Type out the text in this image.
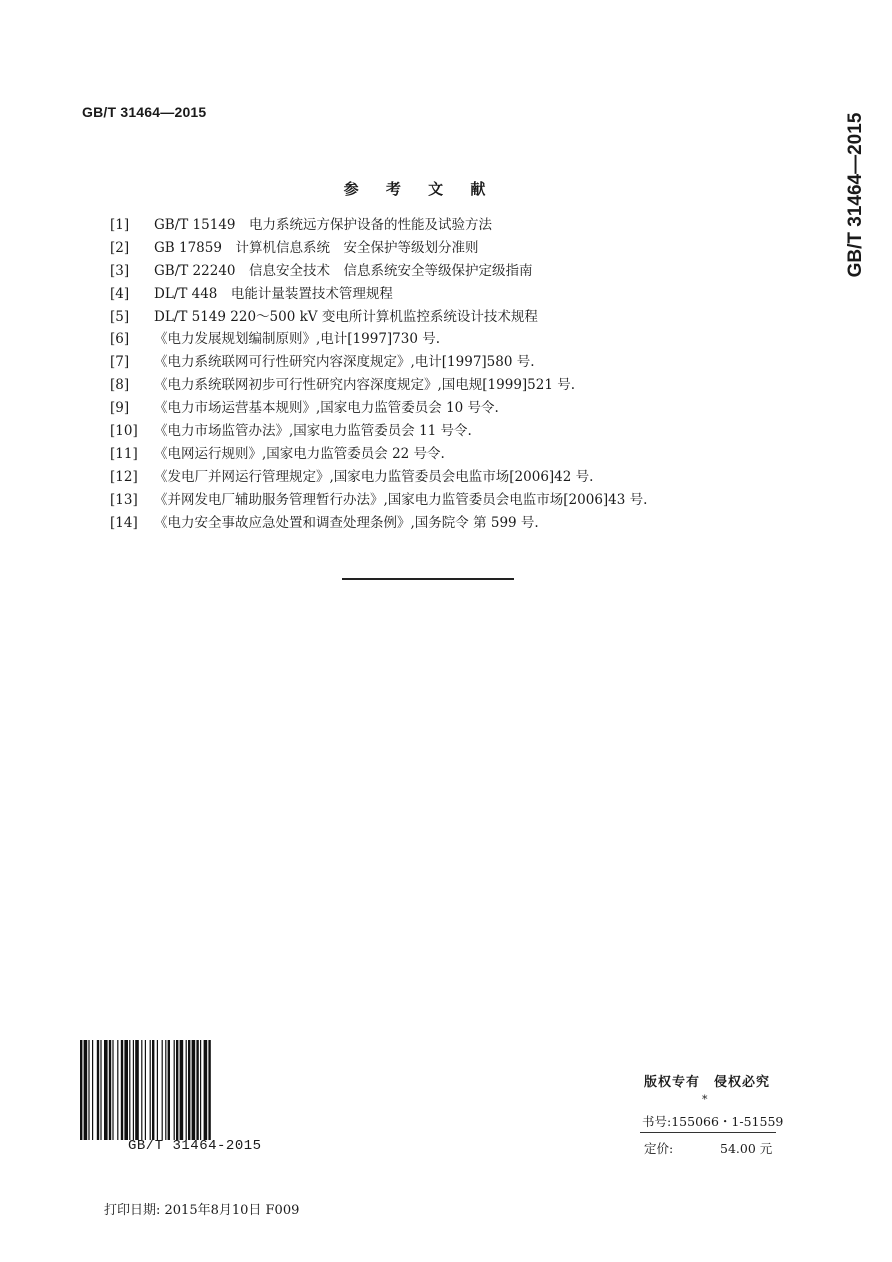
GB/T 31464—2015
GB/T 31464—2015
参 考 文 献
[1] GB/T 15149　电力系统远方保护设备的性能及试验方法
[2] GB 17859　计算机信息系统　安全保护等级划分准则
[3] GB/T 22240　信息安全技术　信息系统安全等级保护定级指南
[4] DL/T 448　电能计量装置技术管理规程
[5] DL/T 5149 220～500 kV 变电所计算机监控系统设计技术规程
[6] 《电力发展规划编制原则》,电计[1997]730 号.
[7] 《电力系统联网可行性研究内容深度规定》,电计[1997]580 号.
[8] 《电力系统联网初步可行性研究内容深度规定》,国电规[1999]521 号.
[9] 《电力市场运营基本规则》,国家电力监管委员会 10 号令.
[10] 《电力市场监管办法》,国家电力监管委员会 11 号令.
[11] 《电网运行规则》,国家电力监管委员会 22 号令.
[12] 《发电厂并网运行管理规定》,国家电力监管委员会电监市场[2006]42 号.
[13] 《并网发电厂辅助服务管理暂行办法》,国家电力监管委员会电监市场[2006]43 号.
[14] 《电力安全事故应急处置和调查处理条例》,国务院令 第 599 号.
GB/T 31464-2015
版权专有　侵权必究
*
书号:155066・1-51559
定价:	54.00 元
打印日期: 2015年8月10日 F009
